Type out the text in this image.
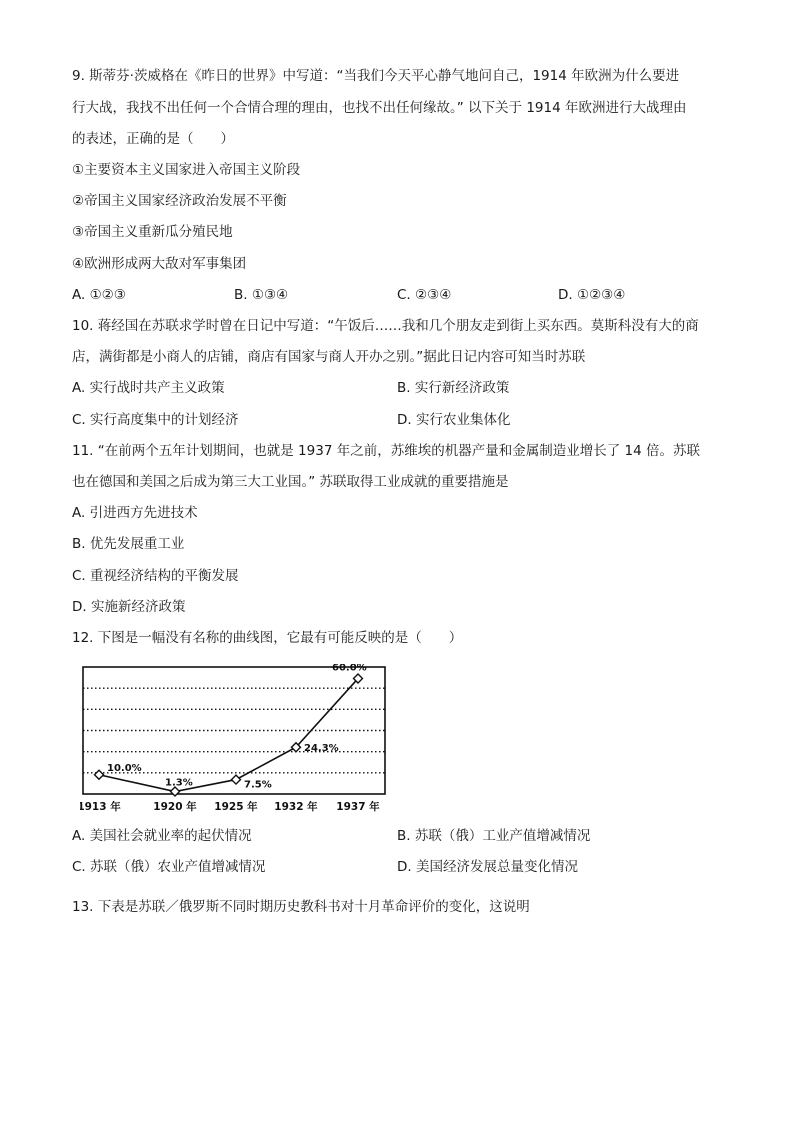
9. 斯蒂芬·茨威格在《昨日的世界》中写道：“当我们今天平心静气地问自己，1914 年欧洲为什么要进
行大战，我找不出任何一个合情合理的理由，也找不出任何缘故。” 以下关于 1914 年欧洲进行大战理由
的表述，正确的是（　　）
①主要资本主义国家进入帝国主义阶段
②帝国主义国家经济政治发展不平衡
③帝国主义重新瓜分殖民地
④欧洲形成两大敌对军事集团
A. ①②③	B. ①③④	C. ②③④	D. ①②③④
10. 蒋经国在苏联求学时曾在日记中写道：“午饭后……我和几个朋友走到街上买东西。莫斯科没有大的商
店，满街都是小商人的店铺，商店有国家与商人开办之别。”据此日记内容可知当时苏联
A. 实行战时共产主义政策	B. 实行新经济政策
C. 实行高度集中的计划经济	D. 实行农业集体化
11. “在前两个五年计划期间，也就是 1937 年之前，苏维埃的机器产量和金属制造业增长了 14 倍。苏联
也在德国和美国之后成为第三大工业国。” 苏联取得工业成就的重要措施是
A. 引进西方先进技术
B. 优先发展重工业
C. 重视经济结构的平衡发展
D. 实施新经济政策
12. 下图是一幅没有名称的曲线图，它最有可能反映的是（　　）
10.0%
1.3%	7.5%
24.3%
60.0%
1913 年	1920 年 1925 年 1932 年 1937 年
A. 美国社会就业率的起伏情况	B. 苏联（俄）工业产值增减情况
C. 苏联（俄）农业产值增减情况	D. 美国经济发展总量变化情况
13. 下表是苏联／俄罗斯不同时期历史教科书对十月革命评价的变化，这说明
